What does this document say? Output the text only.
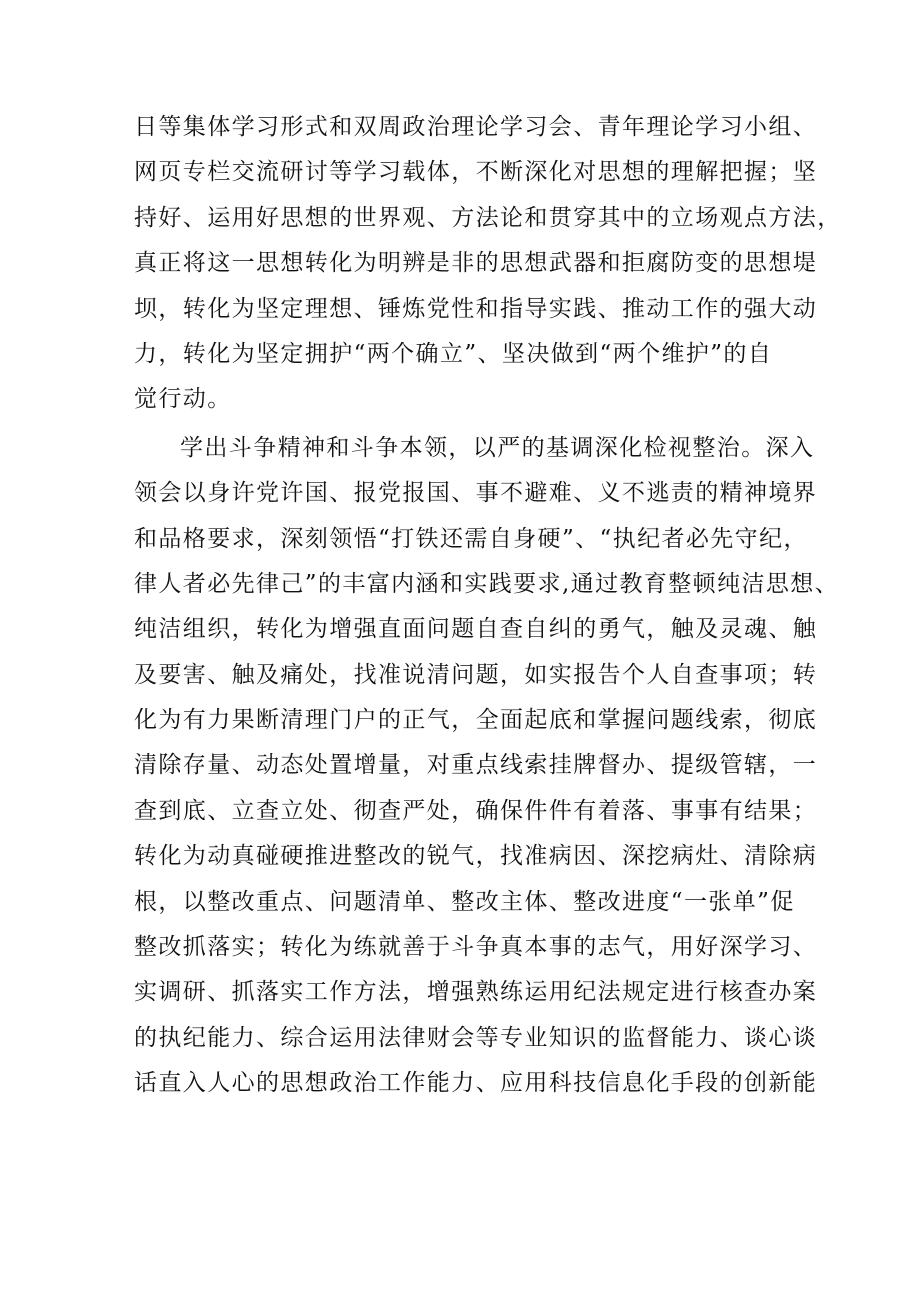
日等集体学习形式和双周政治理论学习会、青年理论学习小组、
网页专栏交流研讨等学习载体，不断深化对思想的理解把握；坚
持好、运用好思想的世界观、方法论和贯穿其中的立场观点方法，
真正将这一思想转化为明辨是非的思想武器和拒腐防变的思想堤
坝，转化为坚定理想、锤炼党性和指导实践、推动工作的强大动
力，转化为坚定拥护“两个确立”、坚决做到“两个维护”的自
觉行动。
学出斗争精神和斗争本领，以严的基调深化检视整治。深入
领会以身许党许国、报党报国、事不避难、义不逃责的精神境界
和品格要求，深刻领悟“打铁还需自身硬”、“执纪者必先守纪，
律人者必先律己”的丰富内涵和实践要求,通过教育整顿纯洁思想、
纯洁组织，转化为增强直面问题自查自纠的勇气，触及灵魂、触
及要害、触及痛处，找准说清问题，如实报告个人自查事项；转
化为有力果断清理门户的正气，全面起底和掌握问题线索，彻底
清除存量、动态处置增量，对重点线索挂牌督办、提级管辖，一
查到底、立查立处、彻查严处，确保件件有着落、事事有结果；
转化为动真碰硬推进整改的锐气，找准病因、深挖病灶、清除病
根，以整改重点、问题清单、整改主体、整改进度“一张单”促
整改抓落实；转化为练就善于斗争真本事的志气，用好深学习、
实调研、抓落实工作方法，增强熟练运用纪法规定进行核查办案
的执纪能力、综合运用法律财会等专业知识的监督能力、谈心谈
话直入人心的思想政治工作能力、应用科技信息化手段的创新能
